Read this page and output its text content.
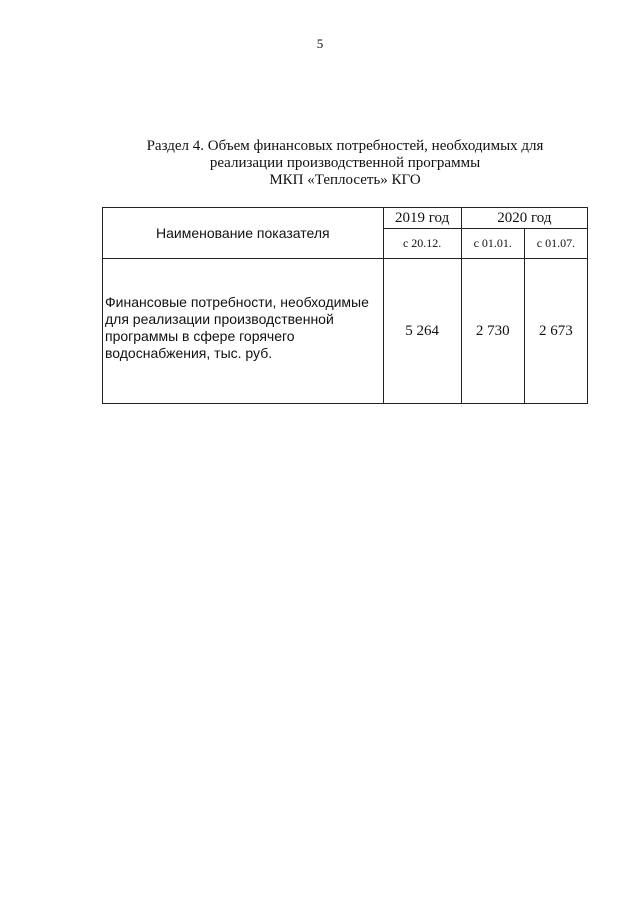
5
Раздел 4. Объем финансовых потребностей, необходимых для
реализации производственной программы
МКП «Теплосеть» КГО
Наименование показателя	2019 год	2020 год	
	с 20.12.	с 01.01.	с 01.07.

Финансовые потребности, необходимые для реализации производственной программы в сфере горячего водоснабжения, тыс. руб.	5 264	2 730	2 673
